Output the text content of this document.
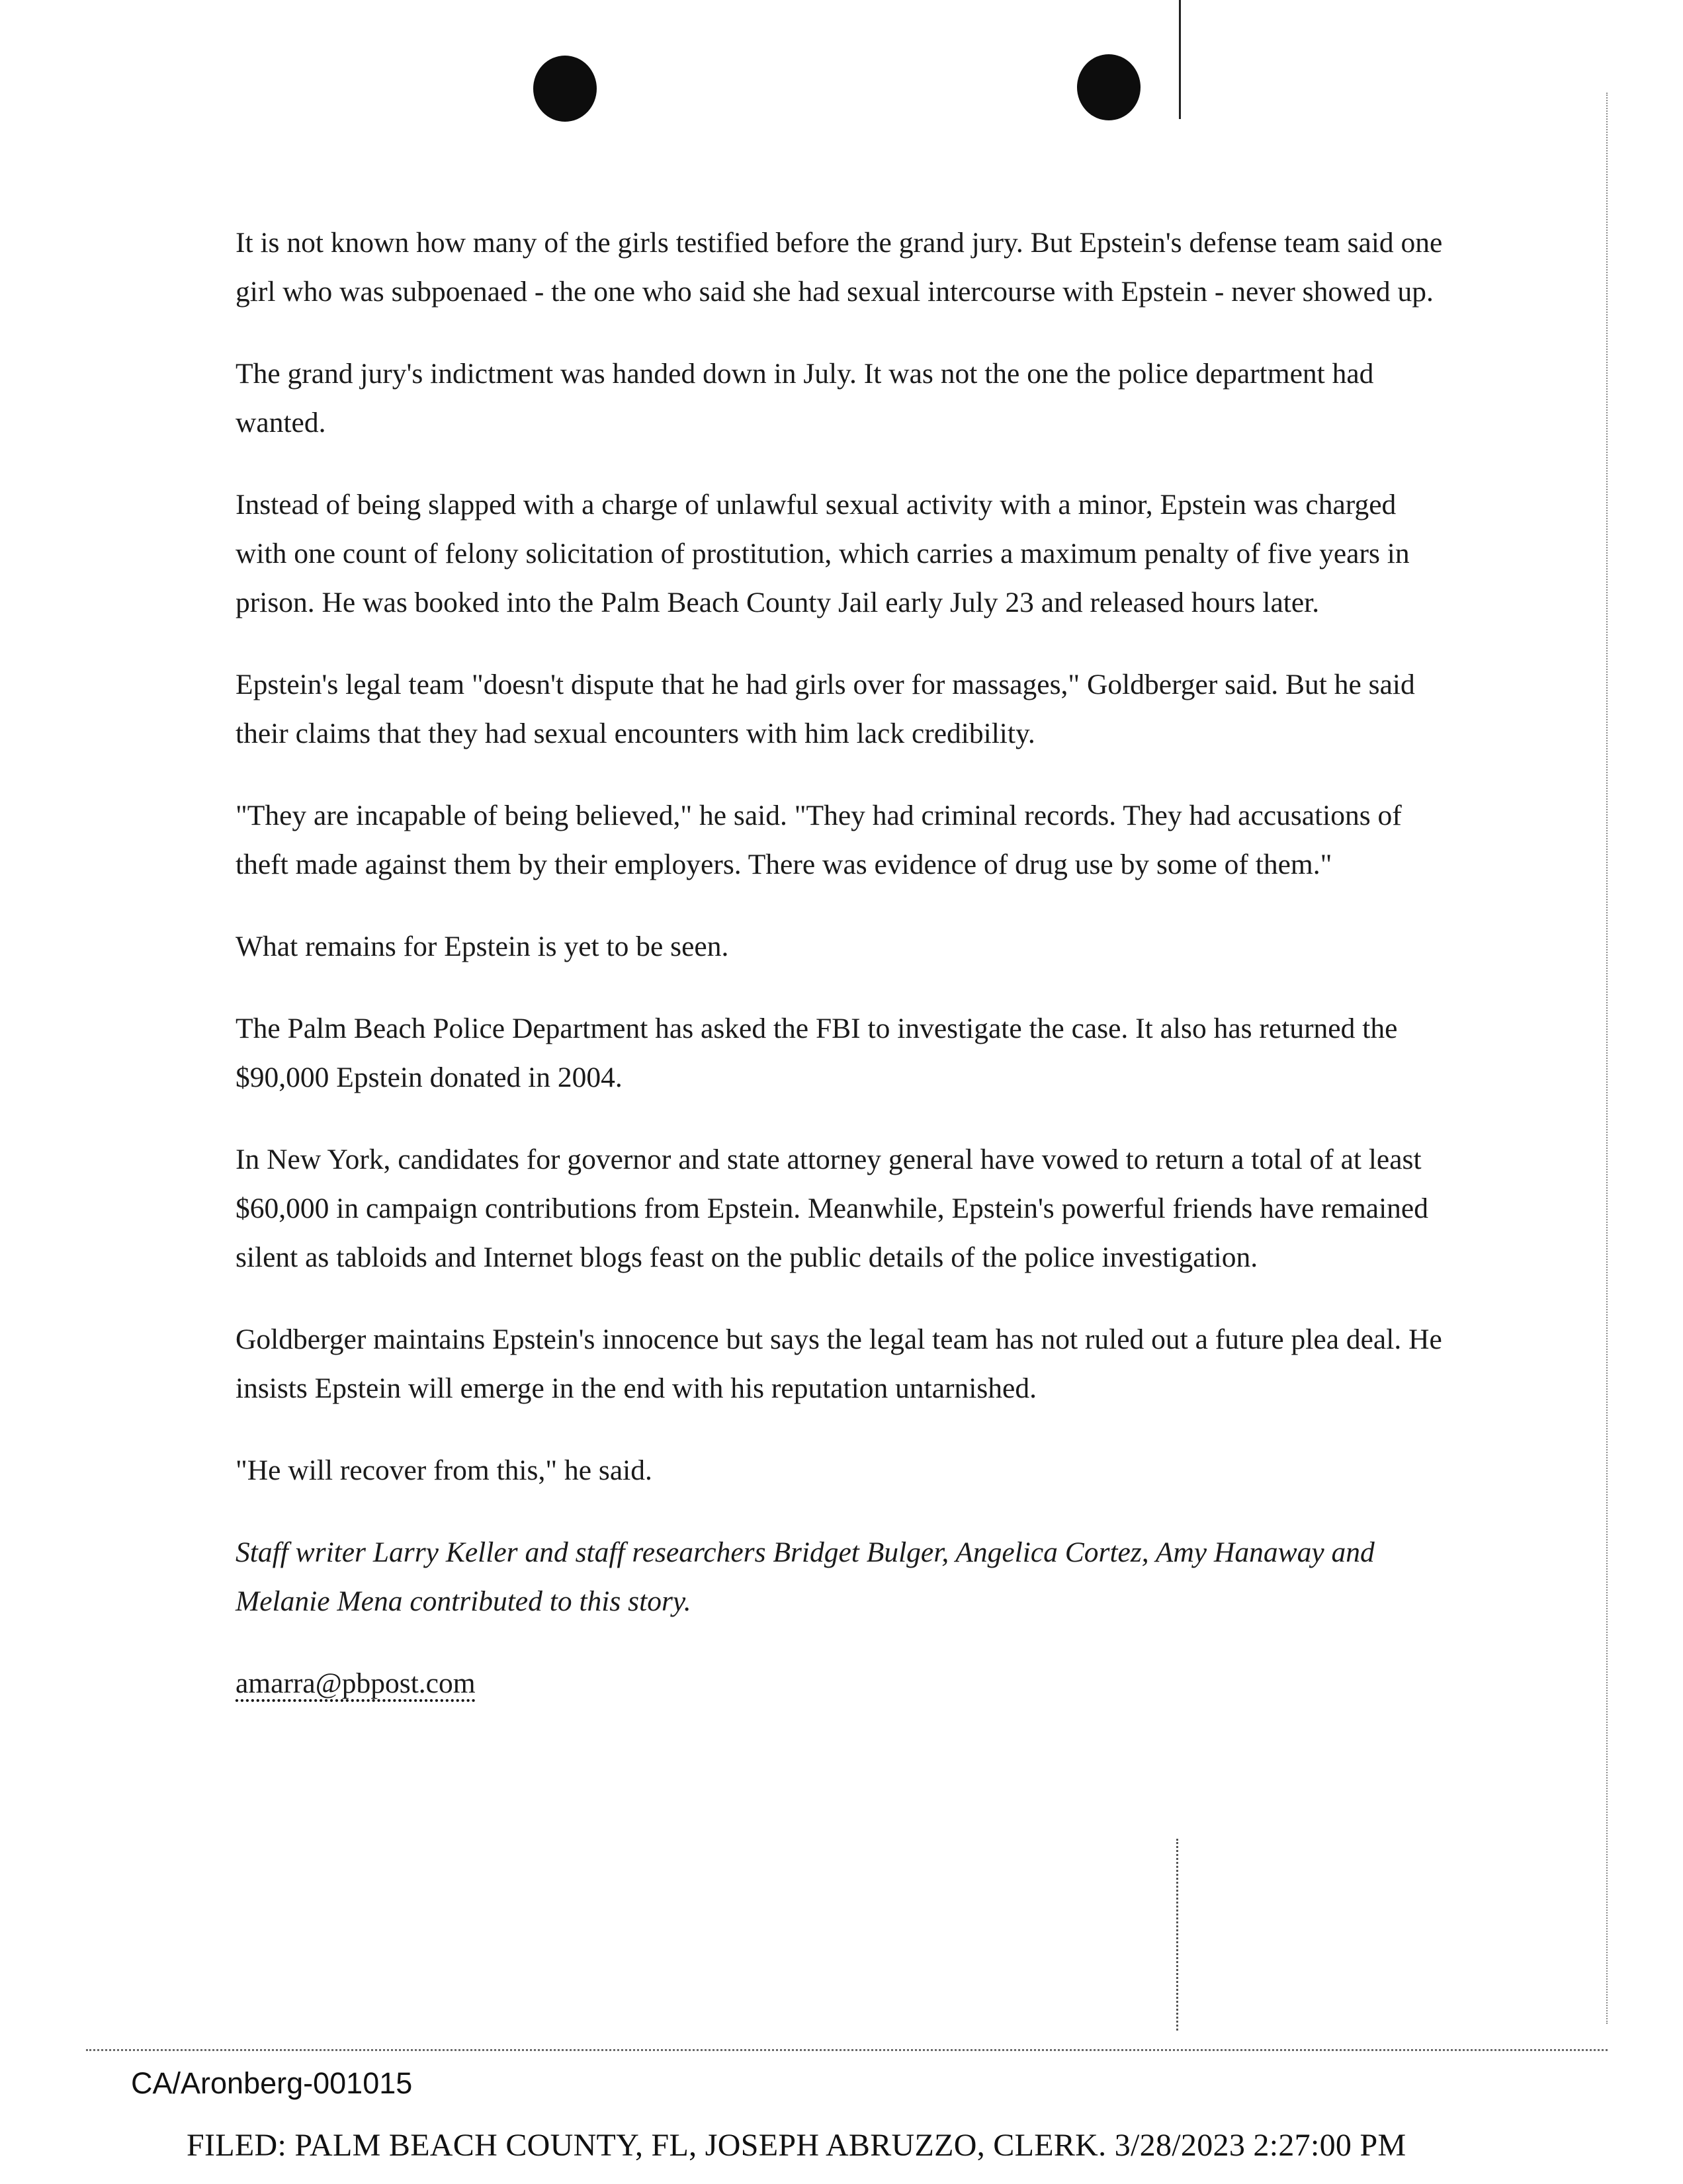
It is not known how many of the girls testified before the grand jury. But Epstein's defense team said one girl who was subpoenaed - the one who said she had sexual intercourse with Epstein - never showed up.

The grand jury's indictment was handed down in July. It was not the one the police department had wanted.

Instead of being slapped with a charge of unlawful sexual activity with a minor, Epstein was charged with one count of felony solicitation of prostitution, which carries a maximum penalty of five years in prison. He was booked into the Palm Beach County Jail early July 23 and released hours later.

Epstein's legal team "doesn't dispute that he had girls over for massages," Goldberger said. But he said their claims that they had sexual encounters with him lack credibility.

"They are incapable of being believed," he said. "They had criminal records. They had accusations of theft made against them by their employers. There was evidence of drug use by some of them."

What remains for Epstein is yet to be seen.

The Palm Beach Police Department has asked the FBI to investigate the case. It also has returned the $90,000 Epstein donated in 2004.

In New York, candidates for governor and state attorney general have vowed to return a total of at least $60,000 in campaign contributions from Epstein. Meanwhile, Epstein's powerful friends have remained silent as tabloids and Internet blogs feast on the public details of the police investigation.

Goldberger maintains Epstein's innocence but says the legal team has not ruled out a future plea deal. He insists Epstein will emerge in the end with his reputation untarnished.

"He will recover from this," he said.

Staff writer Larry Keller and staff researchers Bridget Bulger, Angelica Cortez, Amy Hanaway and Melanie Mena contributed to this story.

amarra@pbpost.com

CA/Aronberg-001015
FILED: PALM BEACH COUNTY, FL, JOSEPH ABRUZZO, CLERK. 3/28/2023 2:27:00 PM
